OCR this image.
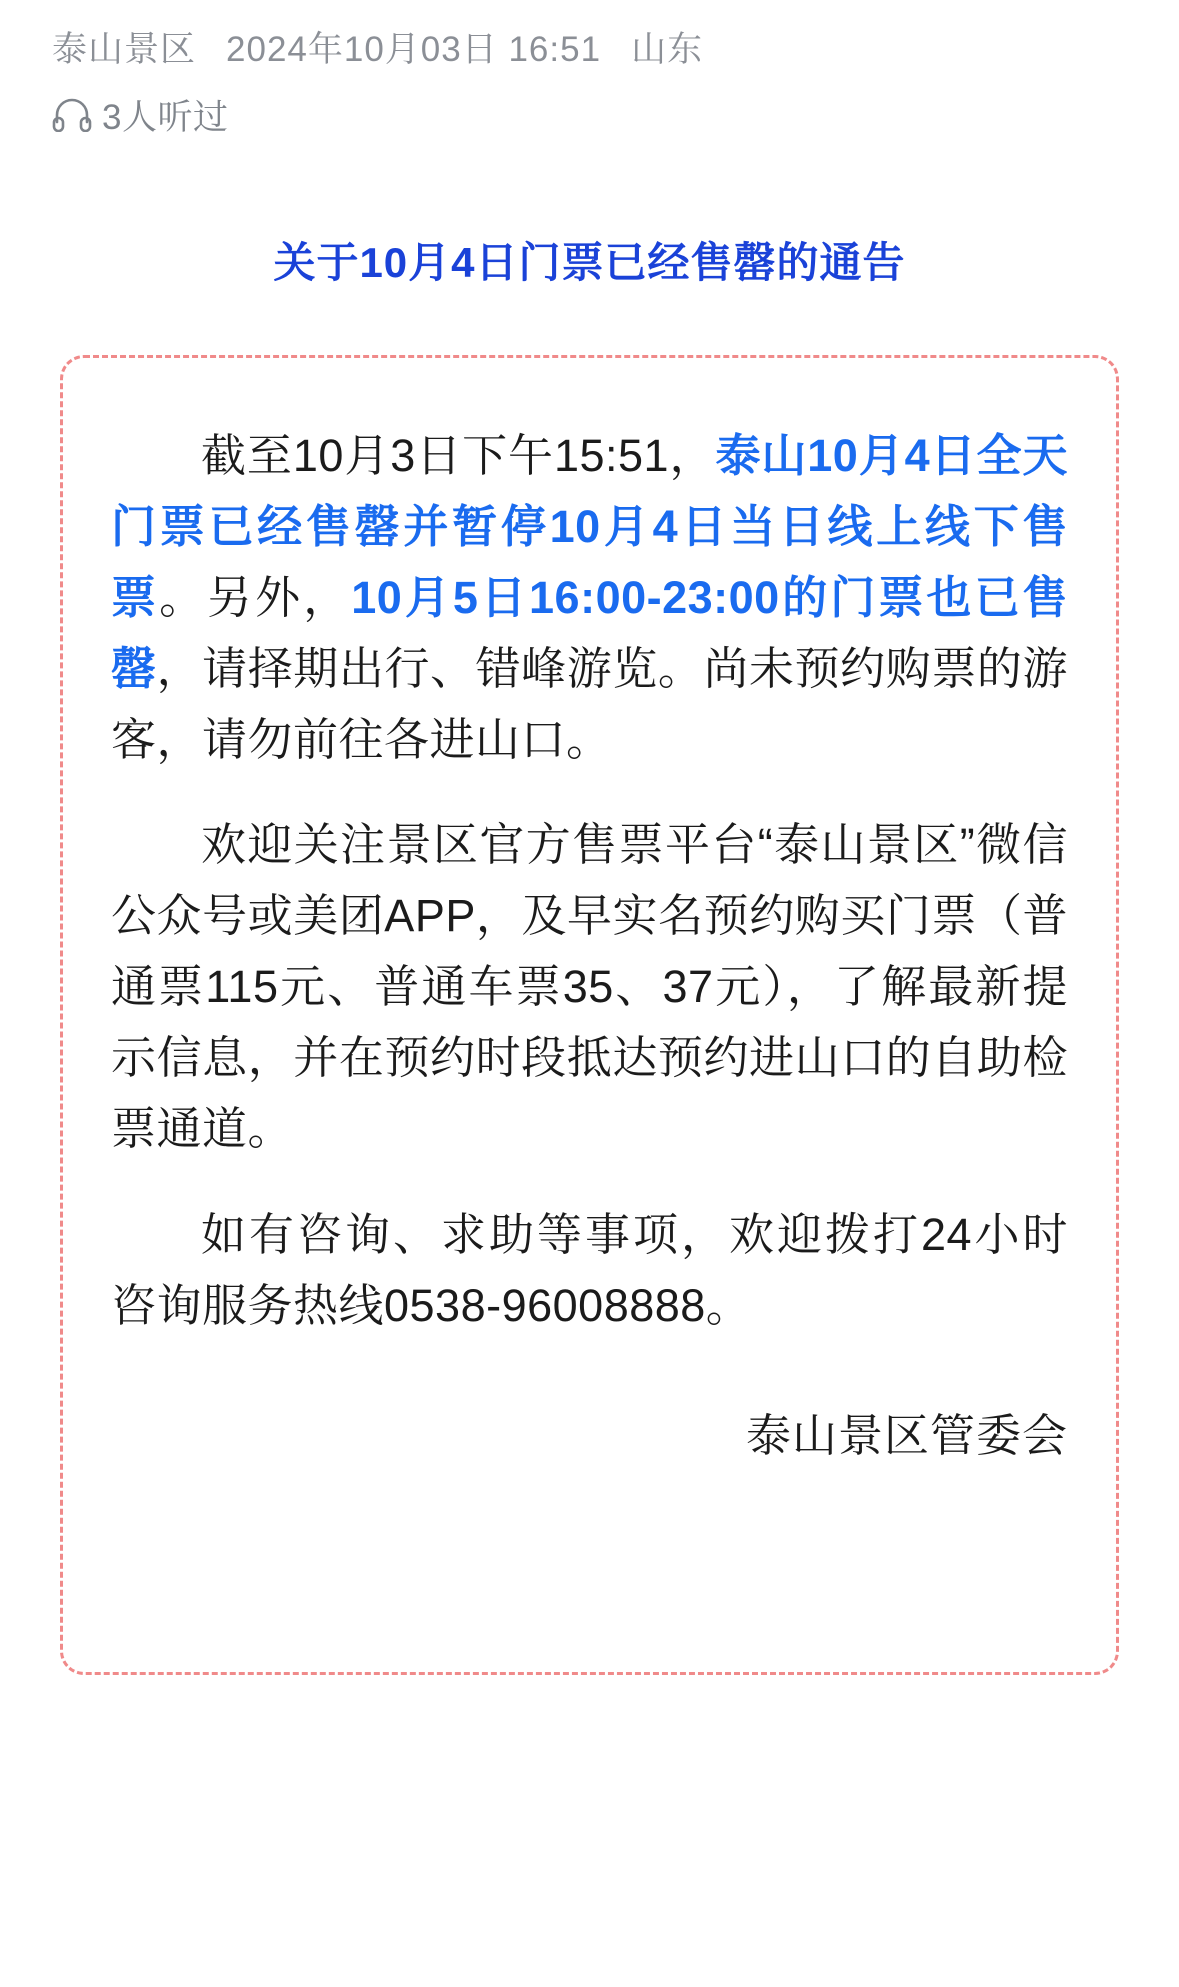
泰山景区 2024年10月03日 16:51 山东
3人听过
关于10月4日门票已经售罄的通告
截至10月3日下午15:51，泰山10月4日全天门票已经售罄并暂停10月4日当日线上线下售票。另外，10月5日16:00-23:00的门票也已售罄，请择期出行、错峰游览。尚未预约购票的游客，请勿前往各进山口。
欢迎关注景区官方售票平台“泰山景区”微信公众号或美团APP，及早实名预约购买门票（普通票115元、普通车票35、37元），了解最新提示信息，并在预约时段抵达预约进山口的自助检票通道。
如有咨询、求助等事项，欢迎拨打24小时咨询服务热线0538-96008888。
泰山景区管委会
